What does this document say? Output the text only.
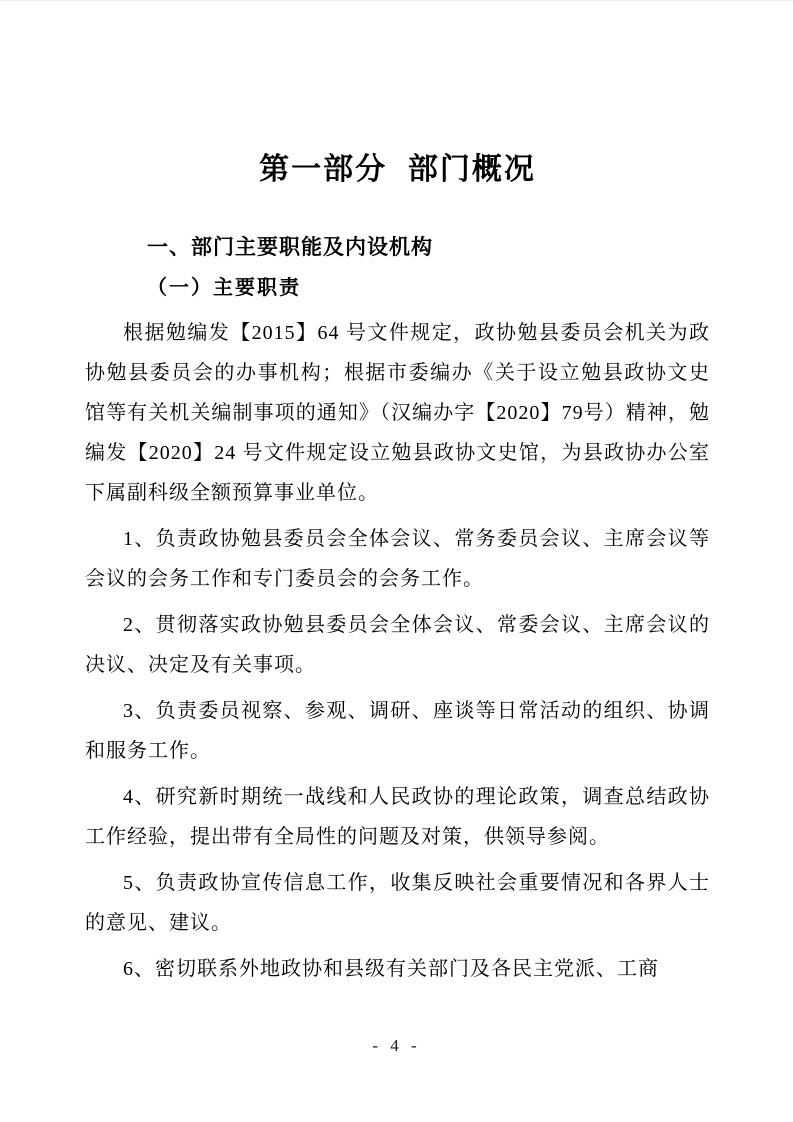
第一部分  部门概况
一、部门主要职能及内设机构
（一）主要职责

根据勉编发【2015】64 号文件规定，政协勉县委员会机关为政协勉县委员会的办事机构；根据市委编办《关于设立勉县政协文史馆等有关机关编制事项的通知》（汉编办字【2020】79号）精神，勉编发【2020】24 号文件规定设立勉县政协文史馆，为县政协办公室下属副科级全额预算事业单位。

1、负责政协勉县委员会全体会议、常务委员会议、主席会议等会议的会务工作和专门委员会的会务工作。

2、贯彻落实政协勉县委员会全体会议、常委会议、主席会议的决议、决定及有关事项。

3、负责委员视察、参观、调研、座谈等日常活动的组织、协调和服务工作。

4、研究新时期统一战线和人民政协的理论政策，调查总结政协工作经验，提出带有全局性的问题及对策，供领导参阅。

5、负责政协宣传信息工作，收集反映社会重要情况和各界人士的意见、建议。

6、密切联系外地政协和县级有关部门及各民主党派、工商

- 4 -
